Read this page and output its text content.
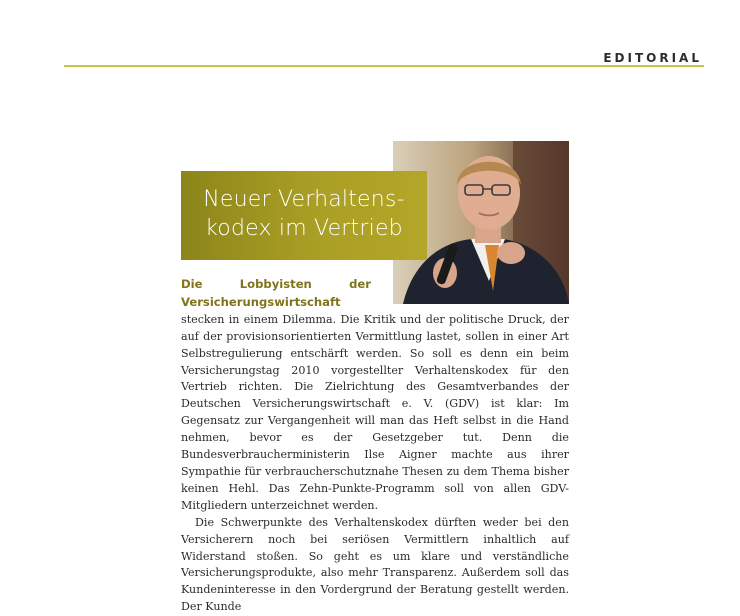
EDITORIAL
Neuer Verhaltens-
kodex im Vertrieb

Die Lobbyisten der Versicherungswirtschaft stecken in einem Dilemma. Die Kritik und der politische Druck, der auf der provisionsorientierten Vermittlung lastet, sollen in einer Art Selbstregulierung entschärft werden. So soll es denn ein beim Versicherungstag 2010 vorgestellter Verhaltenskodex für den Vertrieb richten. Die Zielrichtung des Gesamtverbandes der Deutschen Versicherungswirtschaft e. V. (GDV) ist klar: Im Gegensatz zur Vergangenheit will man das Heft selbst in die Hand nehmen, bevor es der Gesetzgeber tut. Denn die Bundesverbraucherministerin Ilse Aigner machte aus ihrer Sympathie für verbraucherschutznahe Thesen zu dem Thema bisher keinen Hehl. Das Zehn-Punkte-Programm soll von allen GDV-Mitgliedern unterzeichnet werden.

Die Schwerpunkte des Verhaltenskodex dürften weder bei den Versicherern noch bei seriösen Vermittlern inhaltlich auf Widerstand stoßen. So geht es um klare und verständliche Versicherungsprodukte, also mehr Transparenz. Außerdem soll das Kundeninteresse in den Vordergrund der Beratung gestellt werden. Der Kunde
